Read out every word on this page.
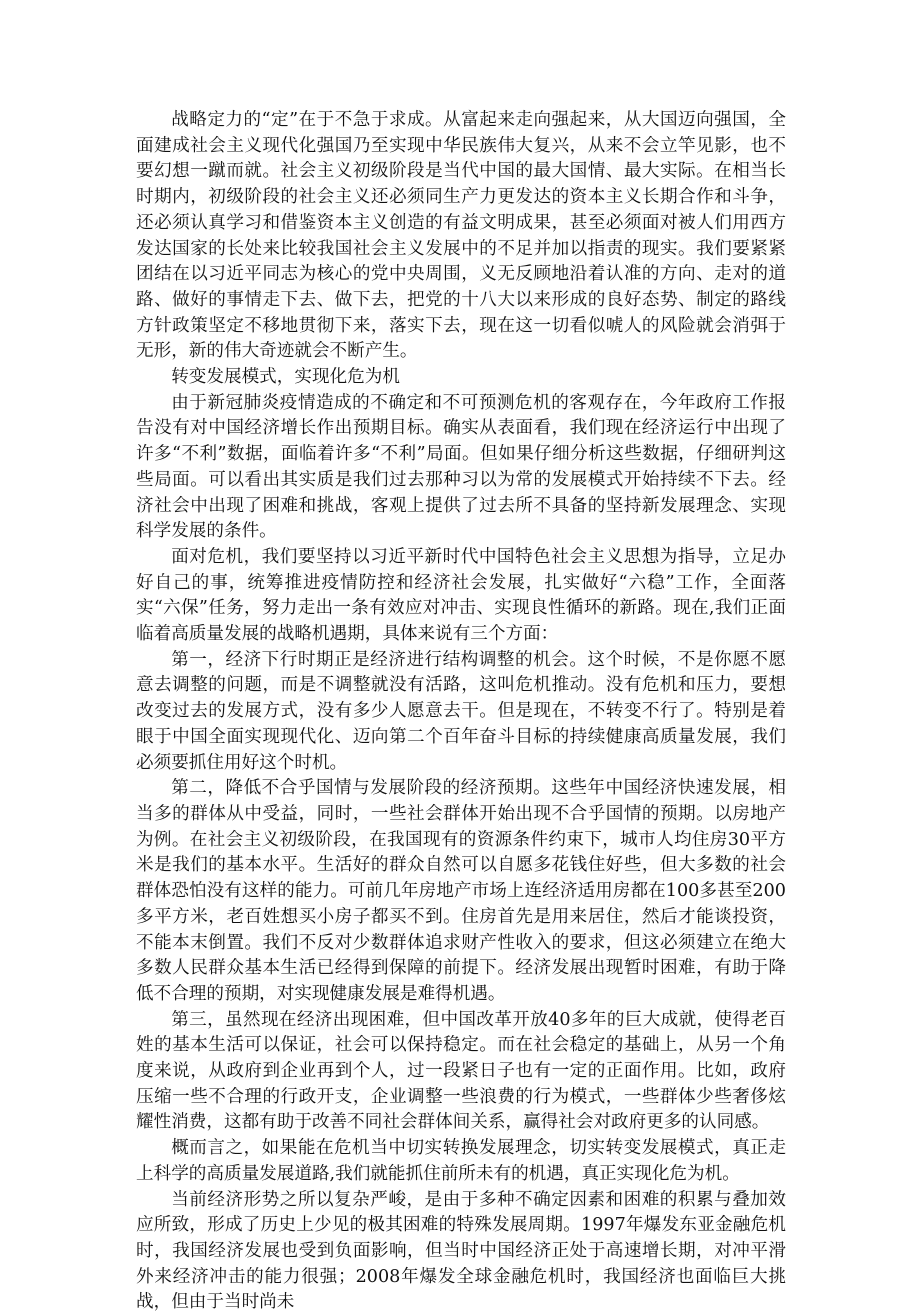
战略定力的“定”在于不急于求成。从富起来走向强起来，从大国迈向强国，全面建成社会主义现代化强国乃至实现中华民族伟大复兴，从来不会立竿见影，也不要幻想一蹴而就。社会主义初级阶段是当代中国的最大国情、最大实际。在相当长时期内，初级阶段的社会主义还必须同生产力更发达的资本主义长期合作和斗争，还必须认真学习和借鉴资本主义创造的有益文明成果，甚至必须面对被人们用西方发达国家的长处来比较我国社会主义发展中的不足并加以指责的现实。我们要紧紧团结在以习近平同志为核心的党中央周围，义无反顾地沿着认准的方向、走对的道路、做好的事情走下去、做下去，把党的十八大以来形成的良好态势、制定的路线方针政策坚定不移地贯彻下来，落实下去，现在这一切看似唬人的风险就会消弭于无形，新的伟大奇迹就会不断产生。

转变发展模式，实现化危为机

由于新冠肺炎疫情造成的不确定和不可预测危机的客观存在，今年政府工作报告没有对中国经济增长作出预期目标。确实从表面看，我们现在经济运行中出现了许多“不利”数据，面临着许多“不利”局面。但如果仔细分析这些数据，仔细研判这些局面。可以看出其实质是我们过去那种习以为常的发展模式开始持续不下去。经济社会中出现了困难和挑战，客观上提供了过去所不具备的坚持新发展理念、实现科学发展的条件。

面对危机，我们要坚持以习近平新时代中国特色社会主义思想为指导，立足办好自己的事，统筹推进疫情防控和经济社会发展，扎实做好“六稳”工作，全面落实“六保”任务，努力走出一条有效应对冲击、实现良性循环的新路。现在,我们正面临着高质量发展的战略机遇期，具体来说有三个方面：

第一，经济下行时期正是经济进行结构调整的机会。这个时候，不是你愿不愿意去调整的问题，而是不调整就没有活路，这叫危机推动。没有危机和压力，要想改变过去的发展方式，没有多少人愿意去干。但是现在，不转变不行了。特别是着眼于中国全面实现现代化、迈向第二个百年奋斗目标的持续健康高质量发展，我们必须要抓住用好这个时机。

第二，降低不合乎国情与发展阶段的经济预期。这些年中国经济快速发展，相当多的群体从中受益，同时，一些社会群体开始出现不合乎国情的预期。以房地产为例。在社会主义初级阶段，在我国现有的资源条件约束下，城市人均住房30平方米是我们的基本水平。生活好的群众自然可以自愿多花钱住好些，但大多数的社会群体恐怕没有这样的能力。可前几年房地产市场上连经济适用房都在100多甚至200多平方米，老百姓想买小房子都买不到。住房首先是用来居住，然后才能谈投资，不能本末倒置。我们不反对少数群体追求财产性收入的要求，但这必须建立在绝大多数人民群众基本生活已经得到保障的前提下。经济发展出现暂时困难，有助于降低不合理的预期，对实现健康发展是难得机遇。

第三，虽然现在经济出现困难，但中国改革开放40多年的巨大成就，使得老百姓的基本生活可以保证，社会可以保持稳定。而在社会稳定的基础上，从另一个角度来说，从政府到企业再到个人，过一段紧日子也有一定的正面作用。比如，政府压缩一些不合理的行政开支，企业调整一些浪费的行为模式，一些群体少些奢侈炫耀性消费，这都有助于改善不同社会群体间关系，赢得社会对政府更多的认同感。

概而言之，如果能在危机当中切实转换发展理念，切实转变发展模式，真正走上科学的高质量发展道路,我们就能抓住前所未有的机遇，真正实现化危为机。

当前经济形势之所以复杂严峻，是由于多种不确定因素和困难的积累与叠加效应所致，形成了历史上少见的极其困难的特殊发展周期。1997年爆发东亚金融危机时，我国经济发展也受到负面影响，但当时中国经济正处于高速增长期，对冲平滑外来经济冲击的能力很强；2008年爆发全球金融危机时，我国经济也面临巨大挑战，但由于当时尚未
